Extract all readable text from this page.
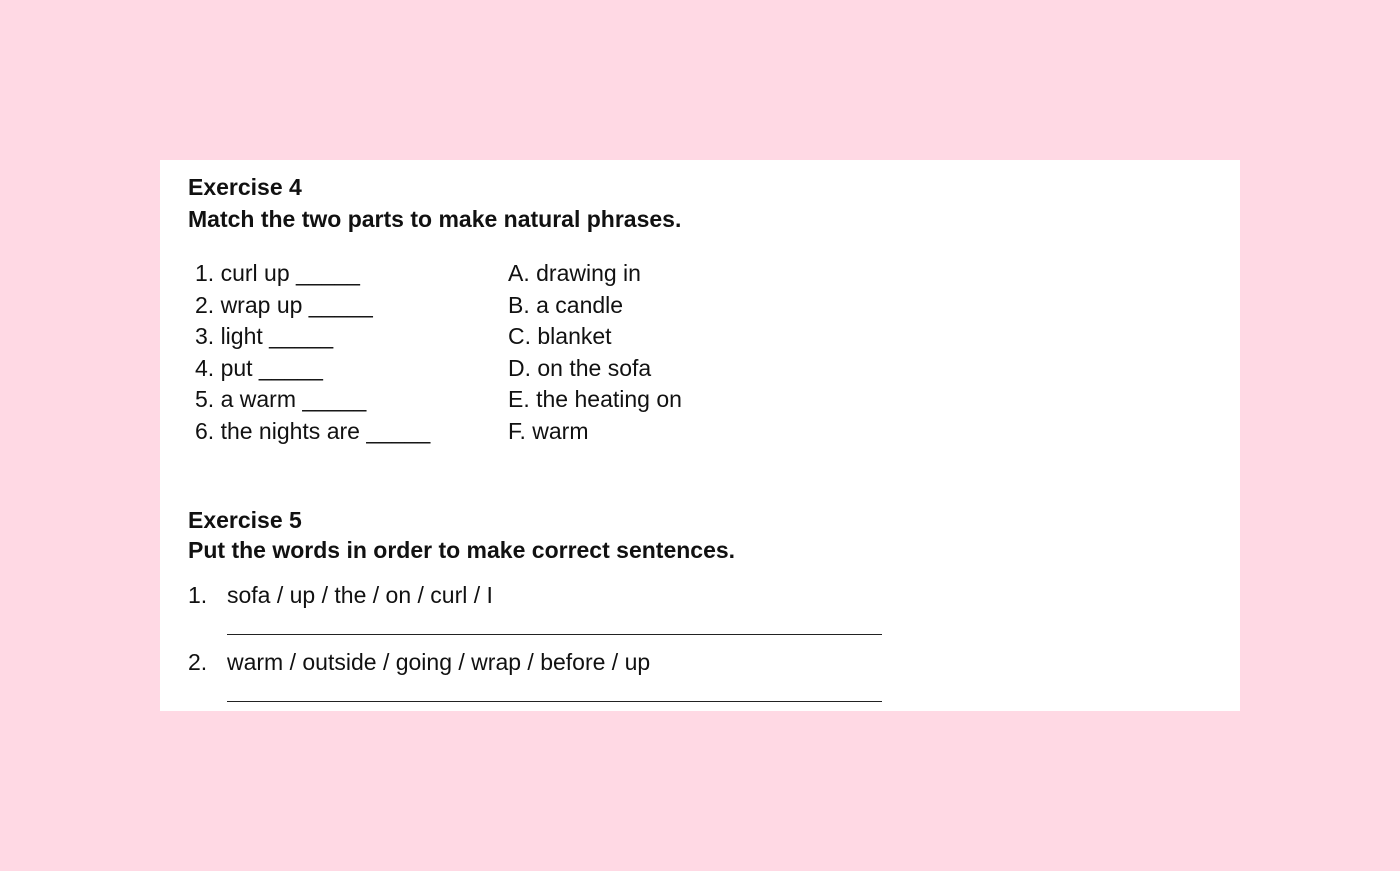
Exercise 4
Match the two parts to make natural phrases.
1. curl up _____
2. wrap up _____
3. light _____
4. put _____
5. a warm _____
6. the nights are _____
A. drawing in
B. a candle
C. blanket
D. on the sofa
E. the heating on
F. warm
Exercise 5
Put the words in order to make correct sentences.
1. sofa / up / the / on / curl / I
2. warm / outside / going / wrap / before / up
